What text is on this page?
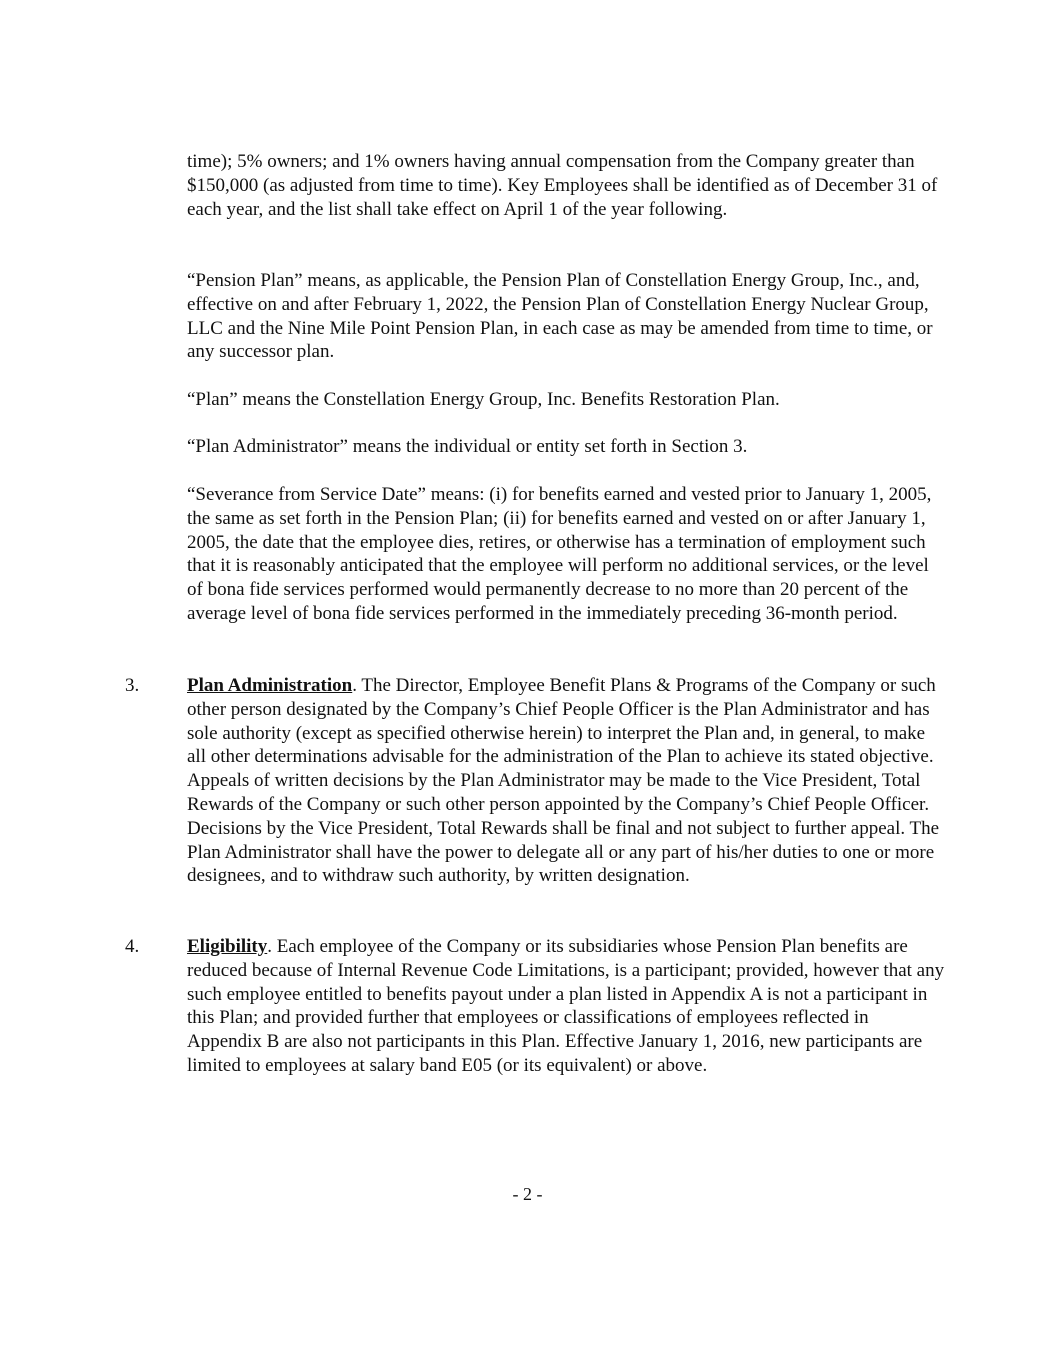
time); 5% owners; and 1% owners having annual compensation from the Company greater than $150,000 (as adjusted from time to time). Key Employees shall be identified as of December 31 of each year, and the list shall take effect on April 1 of the year following.

“Pension Plan” means, as applicable, the Pension Plan of Constellation Energy Group, Inc., and, effective on and after February 1, 2022, the Pension Plan of Constellation Energy Nuclear Group, LLC and the Nine Mile Point Pension Plan, in each case as may be amended from time to time, or any successor plan.

“Plan” means the Constellation Energy Group, Inc. Benefits Restoration Plan.

“Plan Administrator” means the individual or entity set forth in Section 3.

“Severance from Service Date” means: (i) for benefits earned and vested prior to January 1, 2005, the same as set forth in the Pension Plan; (ii) for benefits earned and vested on or after January 1, 2005, the date that the employee dies, retires, or otherwise has a termination of employment such that it is reasonably anticipated that the employee will perform no additional services, or the level of bona fide services performed would permanently decrease to no more than 20 percent of the average level of bona fide services performed in the immediately preceding 36-month period.

3.	Plan Administration. The Director, Employee Benefit Plans & Programs of the Company or such other person designated by the Company’s Chief People Officer is the Plan Administrator and has sole authority (except as specified otherwise herein) to interpret the Plan and, in general, to make all other determinations advisable for the administration of the Plan to achieve its stated objective. Appeals of written decisions by the Plan Administrator may be made to the Vice President, Total Rewards of the Company or such other person appointed by the Company’s Chief People Officer. Decisions by the Vice President, Total Rewards shall be final and not subject to further appeal. The Plan Administrator shall have the power to delegate all or any part of his/her duties to one or more designees, and to withdraw such authority, by written designation.

4.	Eligibility. Each employee of the Company or its subsidiaries whose Pension Plan benefits are reduced because of Internal Revenue Code Limitations, is a participant; provided, however that any such employee entitled to benefits payout under a plan listed in Appendix A is not a participant in this Plan; and provided further that employees or classifications of employees reflected in Appendix B are also not participants in this Plan. Effective January 1, 2016, new participants are limited to employees at salary band E05 (or its equivalent) or above.

- 2 -
